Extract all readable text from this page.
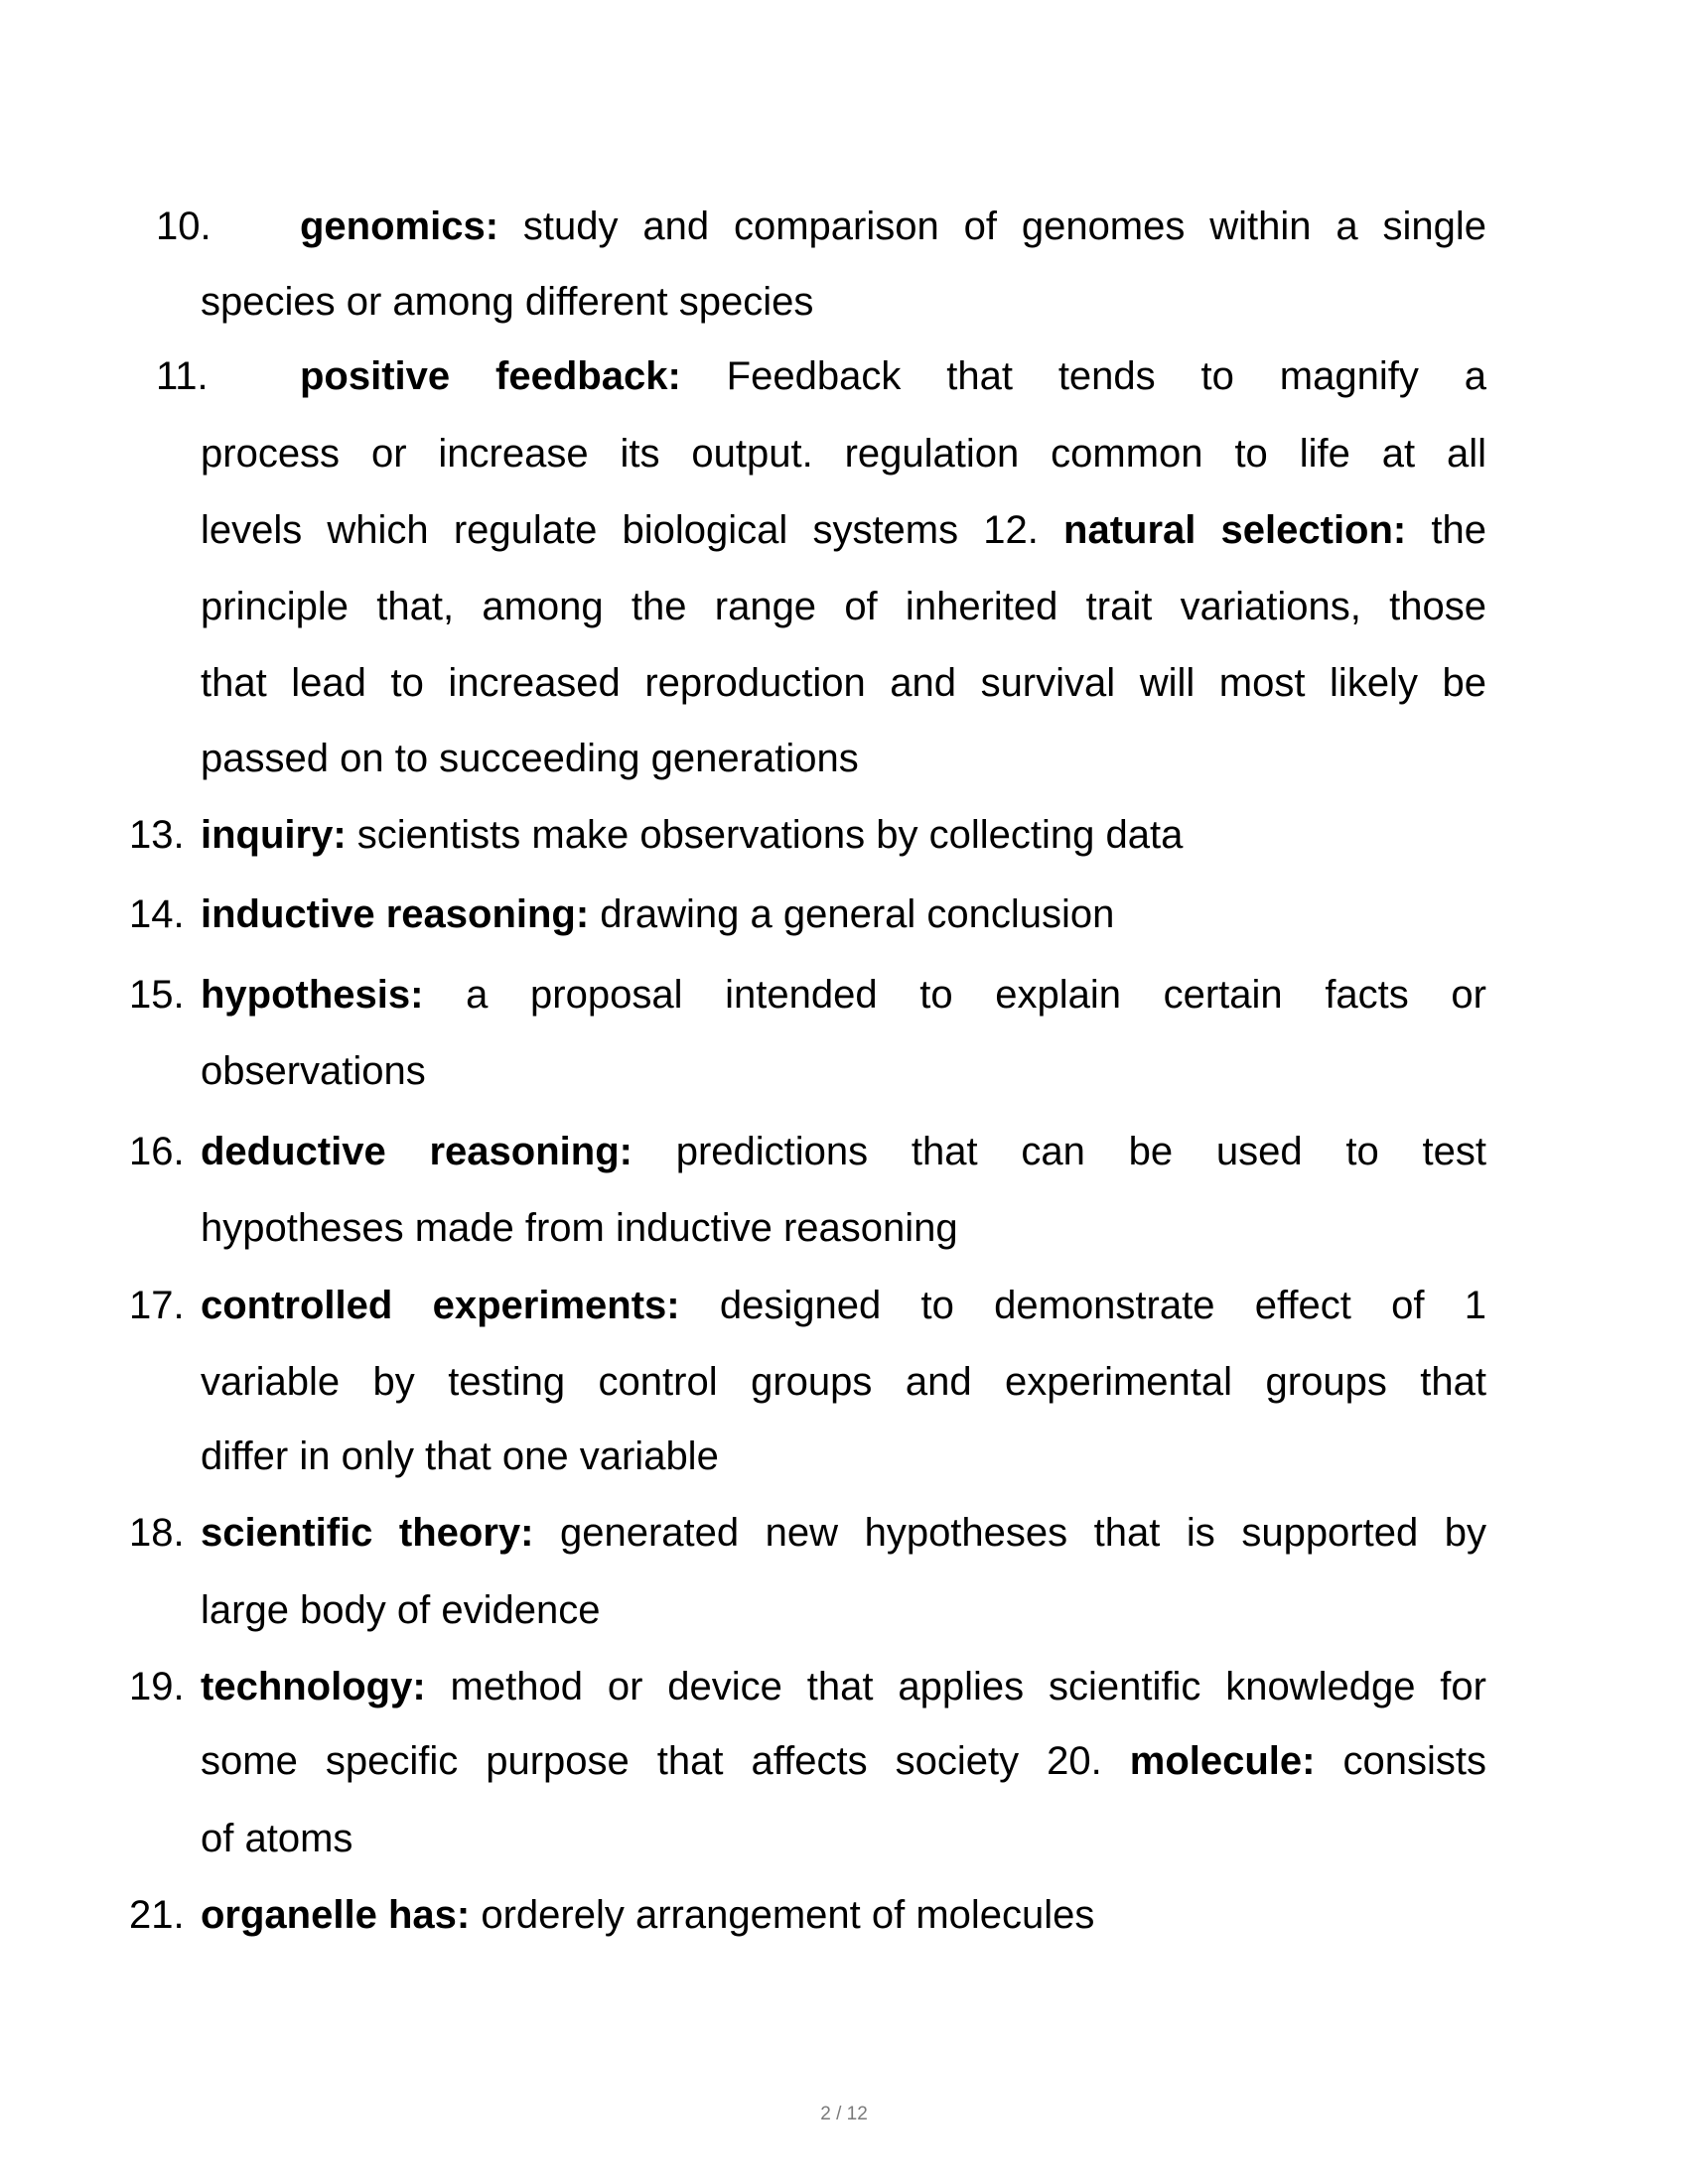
10. genomics: study and comparison of genomes within a single
species or among different species
11. positive feedback: Feedback that tends to magnify a
process or increase its output. regulation common to life at all
levels which regulate biological systems 12. natural selection: the
principle that, among the range of inherited trait variations, those
that lead to increased reproduction and survival will most likely be
passed on to succeeding generations
13. inquiry: scientists make observations by collecting data
14. inductive reasoning: drawing a general conclusion
15. hypothesis: a proposal intended to explain certain facts or
observations
16. deductive reasoning: predictions that can be used to test
hypotheses made from inductive reasoning
17. controlled experiments: designed to demonstrate effect of 1
variable by testing control groups and experimental groups that
differ in only that one variable
18. scientific theory: generated new hypotheses that is supported by
large body of evidence
19. technology: method or device that applies scientific knowledge for
some specific purpose that affects society 20. molecule: consists
of atoms
21. organelle has: orderely arrangement of molecules
2 / 12
